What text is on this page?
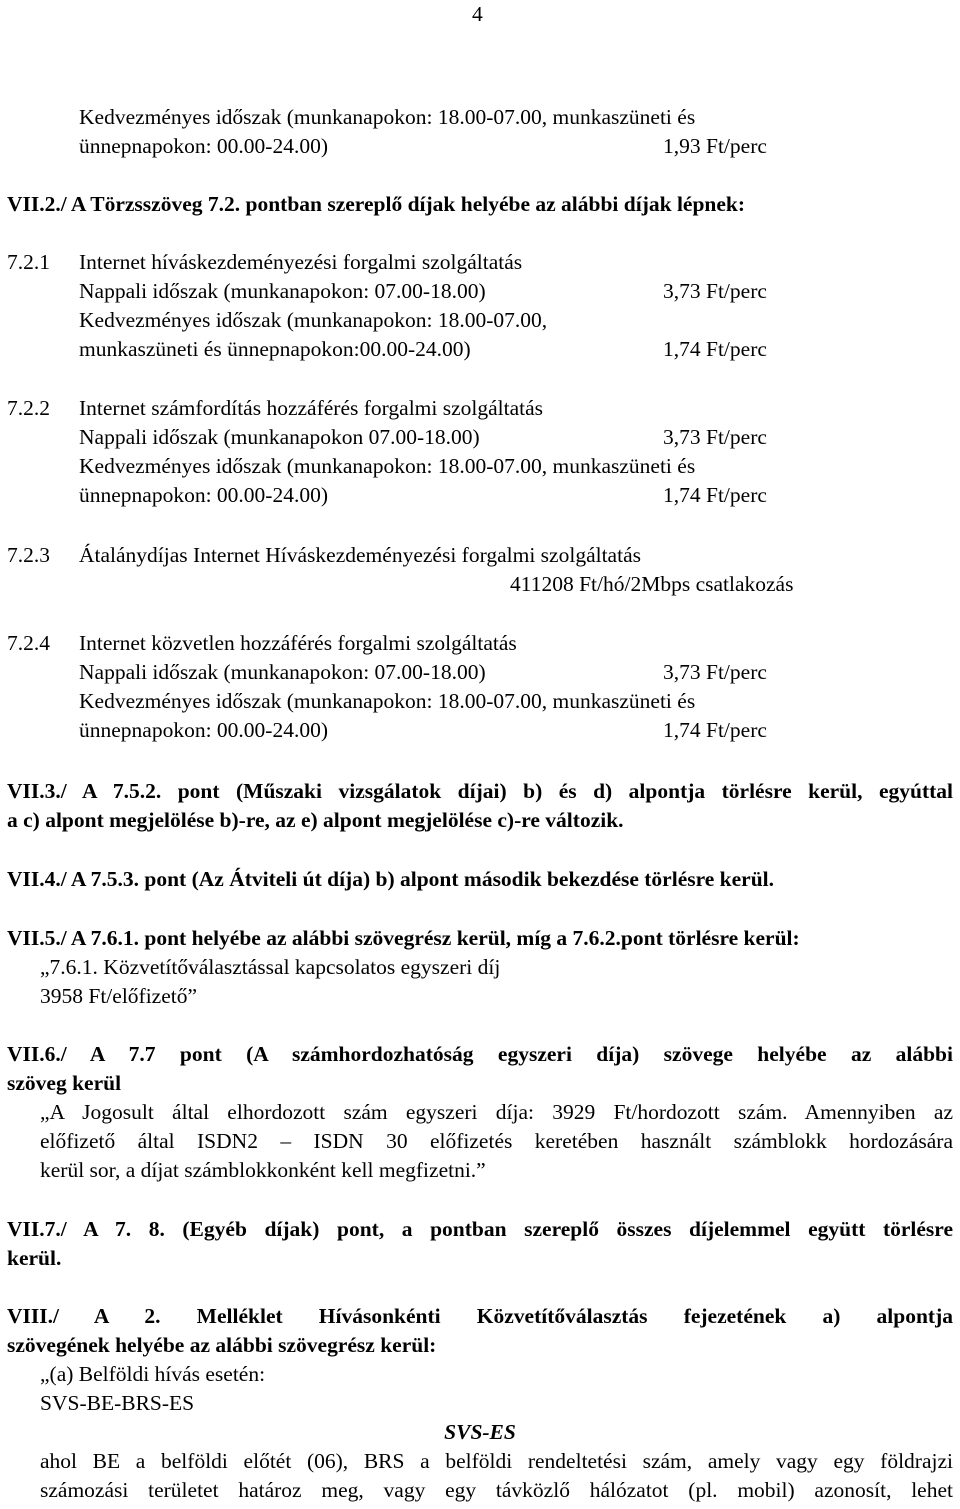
4
Kedvezményes időszak (munkanapokon: 18.00-07.00, munkaszüneti és
ünnepnapokon: 00.00-24.00)	1,93 Ft/perc
VII.2./ A Törzsszöveg 7.2. pontban szereplő díjak helyébe az alábbi díjak lépnek:
7.2.1 Internet híváskezdeményezési forgalmi szolgáltatás
Nappali időszak (munkanapokon: 07.00-18.00)	3,73 Ft/perc
Kedvezményes időszak (munkanapokon: 18.00-07.00,
munkaszüneti és ünnepnapokon:00.00-24.00)	1,74 Ft/perc
7.2.2 Internet számfordítás hozzáférés forgalmi szolgáltatás
Nappali időszak (munkanapokon 07.00-18.00)	3,73 Ft/perc
Kedvezményes időszak (munkanapokon: 18.00-07.00, munkaszüneti és
ünnepnapokon: 00.00-24.00)	1,74 Ft/perc
7.2.3 Átalánydíjas Internet Híváskezdeményezési forgalmi szolgáltatás
411208 Ft/hó/2Mbps csatlakozás
7.2.4 Internet közvetlen hozzáférés forgalmi szolgáltatás
Nappali időszak (munkanapokon: 07.00-18.00)	3,73 Ft/perc
Kedvezményes időszak (munkanapokon: 18.00-07.00, munkaszüneti és
ünnepnapokon: 00.00-24.00)	1,74 Ft/perc
VII.3./ A 7.5.2. pont (Műszaki vizsgálatok díjai) b) és d) alpontja törlésre kerül, egyúttal
a c) alpont megjelölése b)-re, az e) alpont megjelölése c)-re változik.
VII.4./ A 7.5.3. pont (Az Átviteli út díja) b) alpont második bekezdése törlésre kerül.
VII.5./ A 7.6.1. pont helyébe az alábbi szövegrész kerül, míg a 7.6.2.pont törlésre kerül:
„7.6.1. Közvetítőválasztással kapcsolatos egyszeri díj
3958 Ft/előfizető”
VII.6./ A 7.7 pont (A számhordozhatóság egyszeri díja) szövege helyébe az alábbi
szöveg kerül
„A Jogosult által elhordozott szám egyszeri díja: 3929 Ft/hordozott szám. Amennyiben az
előfizető által ISDN2 – ISDN 30 előfizetés keretében használt számblokk hordozására
kerül sor, a díjat számblokkonként kell megfizetni.”
VII.7./ A 7. 8. (Egyéb díjak) pont, a pontban szereplő összes díjelemmel együtt törlésre
kerül.
VIII./ A 2. Melléklet Hívásonkénti Közvetítőválasztás fejezetének a) alpontja
szövegének helyébe az alábbi szövegrész kerül:
„(a) Belföldi hívás esetén:
SVS-BE-BRS-ES
SVS-ES
ahol BE a belföldi előtét (06), BRS a belföldi rendeltetési szám, amely vagy egy földrajzi
számozási területet határoz meg, vagy egy távközlő hálózatot (pl. mobil) azonosít, lehet
